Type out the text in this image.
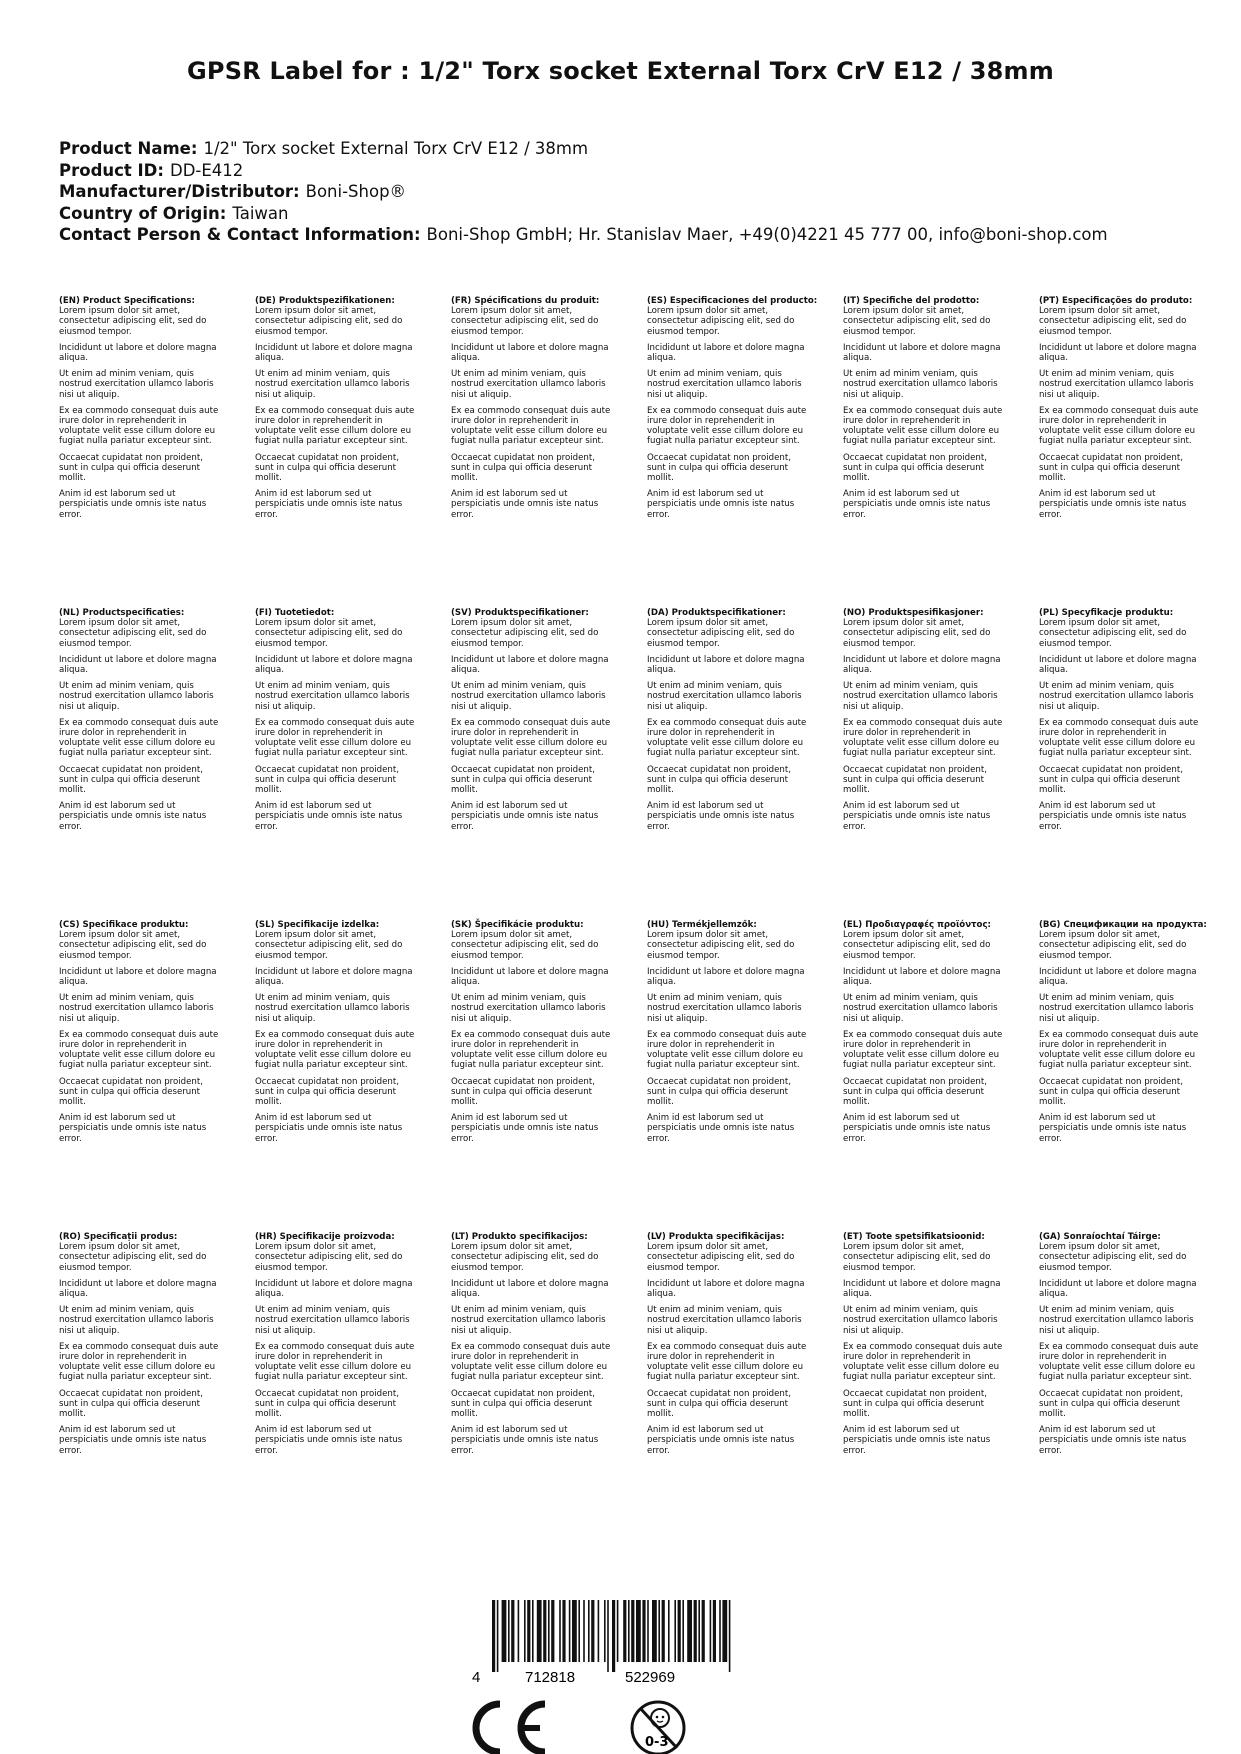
GPSR Label for : 1/2" Torx socket External Torx CrV E12 / 38mm
Product Name: 1/2" Torx socket External Torx CrV E12 / 38mm
Product ID: DD-E412
Manufacturer/Distributor: Boni-Shop®
Country of Origin: Taiwan
Contact Person & Contact Information: Boni-Shop GmbH; Hr. Stanislav Maer, +49(0)4221 45 777 00, info@boni-shop.com
(EN) Product Specifications:

Lorem ipsum dolor sit amet, consectetur adipiscing elit, sed do eiusmod tempor.

Incididunt ut labore et dolore magna aliqua.

Ut enim ad minim veniam, quis nostrud exercitation ullamco laboris nisi ut aliquip.

Ex ea commodo consequat duis aute irure dolor in reprehenderit in voluptate velit esse cillum dolore eu fugiat nulla pariatur excepteur sint.

Occaecat cupidatat non proident, sunt in culpa qui officia deserunt mollit.

Anim id est laborum sed ut perspiciatis unde omnis iste natus error.

(DE) Produktspezifikationen:

Lorem ipsum dolor sit amet, consectetur adipiscing elit, sed do eiusmod tempor.

Incididunt ut labore et dolore magna aliqua.

Ut enim ad minim veniam, quis nostrud exercitation ullamco laboris nisi ut aliquip.

Ex ea commodo consequat duis aute irure dolor in reprehenderit in voluptate velit esse cillum dolore eu fugiat nulla pariatur excepteur sint.

Occaecat cupidatat non proident, sunt in culpa qui officia deserunt mollit.

Anim id est laborum sed ut perspiciatis unde omnis iste natus error.

(FR) Spécifications du produit:

Lorem ipsum dolor sit amet, consectetur adipiscing elit, sed do eiusmod tempor.

Incididunt ut labore et dolore magna aliqua.

Ut enim ad minim veniam, quis nostrud exercitation ullamco laboris nisi ut aliquip.

Ex ea commodo consequat duis aute irure dolor in reprehenderit in voluptate velit esse cillum dolore eu fugiat nulla pariatur excepteur sint.

Occaecat cupidatat non proident, sunt in culpa qui officia deserunt mollit.

Anim id est laborum sed ut perspiciatis unde omnis iste natus error.

(ES) Especificaciones del producto:

Lorem ipsum dolor sit amet, consectetur adipiscing elit, sed do eiusmod tempor.

Incididunt ut labore et dolore magna aliqua.

Ut enim ad minim veniam, quis nostrud exercitation ullamco laboris nisi ut aliquip.

Ex ea commodo consequat duis aute irure dolor in reprehenderit in voluptate velit esse cillum dolore eu fugiat nulla pariatur excepteur sint.

Occaecat cupidatat non proident, sunt in culpa qui officia deserunt mollit.

Anim id est laborum sed ut perspiciatis unde omnis iste natus error.

(IT) Specifiche del prodotto:

Lorem ipsum dolor sit amet, consectetur adipiscing elit, sed do eiusmod tempor.

Incididunt ut labore et dolore magna aliqua.

Ut enim ad minim veniam, quis nostrud exercitation ullamco laboris nisi ut aliquip.

Ex ea commodo consequat duis aute irure dolor in reprehenderit in voluptate velit esse cillum dolore eu fugiat nulla pariatur excepteur sint.

Occaecat cupidatat non proident, sunt in culpa qui officia deserunt mollit.

Anim id est laborum sed ut perspiciatis unde omnis iste natus error.

(PT) Especificações do produto:

Lorem ipsum dolor sit amet, consectetur adipiscing elit, sed do eiusmod tempor.

Incididunt ut labore et dolore magna aliqua.

Ut enim ad minim veniam, quis nostrud exercitation ullamco laboris nisi ut aliquip.

Ex ea commodo consequat duis aute irure dolor in reprehenderit in voluptate velit esse cillum dolore eu fugiat nulla pariatur excepteur sint.

Occaecat cupidatat non proident, sunt in culpa qui officia deserunt mollit.

Anim id est laborum sed ut perspiciatis unde omnis iste natus error.

(NL) Productspecificaties:

Lorem ipsum dolor sit amet, consectetur adipiscing elit, sed do eiusmod tempor.

Incididunt ut labore et dolore magna aliqua.

Ut enim ad minim veniam, quis nostrud exercitation ullamco laboris nisi ut aliquip.

Ex ea commodo consequat duis aute irure dolor in reprehenderit in voluptate velit esse cillum dolore eu fugiat nulla pariatur excepteur sint.

Occaecat cupidatat non proident, sunt in culpa qui officia deserunt mollit.

Anim id est laborum sed ut perspiciatis unde omnis iste natus error.

(FI) Tuotetiedot:

Lorem ipsum dolor sit amet, consectetur adipiscing elit, sed do eiusmod tempor.

Incididunt ut labore et dolore magna aliqua.

Ut enim ad minim veniam, quis nostrud exercitation ullamco laboris nisi ut aliquip.

Ex ea commodo consequat duis aute irure dolor in reprehenderit in voluptate velit esse cillum dolore eu fugiat nulla pariatur excepteur sint.

Occaecat cupidatat non proident, sunt in culpa qui officia deserunt mollit.

Anim id est laborum sed ut perspiciatis unde omnis iste natus error.

(SV) Produktspecifikationer:

Lorem ipsum dolor sit amet, consectetur adipiscing elit, sed do eiusmod tempor.

Incididunt ut labore et dolore magna aliqua.

Ut enim ad minim veniam, quis nostrud exercitation ullamco laboris nisi ut aliquip.

Ex ea commodo consequat duis aute irure dolor in reprehenderit in voluptate velit esse cillum dolore eu fugiat nulla pariatur excepteur sint.

Occaecat cupidatat non proident, sunt in culpa qui officia deserunt mollit.

Anim id est laborum sed ut perspiciatis unde omnis iste natus error.

(DA) Produktspecifikationer:

Lorem ipsum dolor sit amet, consectetur adipiscing elit, sed do eiusmod tempor.

Incididunt ut labore et dolore magna aliqua.

Ut enim ad minim veniam, quis nostrud exercitation ullamco laboris nisi ut aliquip.

Ex ea commodo consequat duis aute irure dolor in reprehenderit in voluptate velit esse cillum dolore eu fugiat nulla pariatur excepteur sint.

Occaecat cupidatat non proident, sunt in culpa qui officia deserunt mollit.

Anim id est laborum sed ut perspiciatis unde omnis iste natus error.

(NO) Produktspesifikasjoner:

Lorem ipsum dolor sit amet, consectetur adipiscing elit, sed do eiusmod tempor.

Incididunt ut labore et dolore magna aliqua.

Ut enim ad minim veniam, quis nostrud exercitation ullamco laboris nisi ut aliquip.

Ex ea commodo consequat duis aute irure dolor in reprehenderit in voluptate velit esse cillum dolore eu fugiat nulla pariatur excepteur sint.

Occaecat cupidatat non proident, sunt in culpa qui officia deserunt mollit.

Anim id est laborum sed ut perspiciatis unde omnis iste natus error.

(PL) Specyfikacje produktu:

Lorem ipsum dolor sit amet, consectetur adipiscing elit, sed do eiusmod tempor.

Incididunt ut labore et dolore magna aliqua.

Ut enim ad minim veniam, quis nostrud exercitation ullamco laboris nisi ut aliquip.

Ex ea commodo consequat duis aute irure dolor in reprehenderit in voluptate velit esse cillum dolore eu fugiat nulla pariatur excepteur sint.

Occaecat cupidatat non proident, sunt in culpa qui officia deserunt mollit.

Anim id est laborum sed ut perspiciatis unde omnis iste natus error.

(CS) Specifikace produktu:

Lorem ipsum dolor sit amet, consectetur adipiscing elit, sed do eiusmod tempor.

Incididunt ut labore et dolore magna aliqua.

Ut enim ad minim veniam, quis nostrud exercitation ullamco laboris nisi ut aliquip.

Ex ea commodo consequat duis aute irure dolor in reprehenderit in voluptate velit esse cillum dolore eu fugiat nulla pariatur excepteur sint.

Occaecat cupidatat non proident, sunt in culpa qui officia deserunt mollit.

Anim id est laborum sed ut perspiciatis unde omnis iste natus error.

(SL) Specifikacije izdelka:

Lorem ipsum dolor sit amet, consectetur adipiscing elit, sed do eiusmod tempor.

Incididunt ut labore et dolore magna aliqua.

Ut enim ad minim veniam, quis nostrud exercitation ullamco laboris nisi ut aliquip.

Ex ea commodo consequat duis aute irure dolor in reprehenderit in voluptate velit esse cillum dolore eu fugiat nulla pariatur excepteur sint.

Occaecat cupidatat non proident, sunt in culpa qui officia deserunt mollit.

Anim id est laborum sed ut perspiciatis unde omnis iste natus error.

(SK) Špecifikácie produktu:

Lorem ipsum dolor sit amet, consectetur adipiscing elit, sed do eiusmod tempor.

Incididunt ut labore et dolore magna aliqua.

Ut enim ad minim veniam, quis nostrud exercitation ullamco laboris nisi ut aliquip.

Ex ea commodo consequat duis aute irure dolor in reprehenderit in voluptate velit esse cillum dolore eu fugiat nulla pariatur excepteur sint.

Occaecat cupidatat non proident, sunt in culpa qui officia deserunt mollit.

Anim id est laborum sed ut perspiciatis unde omnis iste natus error.

(HU) Termékjellemzők:

Lorem ipsum dolor sit amet, consectetur adipiscing elit, sed do eiusmod tempor.

Incididunt ut labore et dolore magna aliqua.

Ut enim ad minim veniam, quis nostrud exercitation ullamco laboris nisi ut aliquip.

Ex ea commodo consequat duis aute irure dolor in reprehenderit in voluptate velit esse cillum dolore eu fugiat nulla pariatur excepteur sint.

Occaecat cupidatat non proident, sunt in culpa qui officia deserunt mollit.

Anim id est laborum sed ut perspiciatis unde omnis iste natus error.

(EL) Προδιαγραφές προϊόντος:

Lorem ipsum dolor sit amet, consectetur adipiscing elit, sed do eiusmod tempor.

Incididunt ut labore et dolore magna aliqua.

Ut enim ad minim veniam, quis nostrud exercitation ullamco laboris nisi ut aliquip.

Ex ea commodo consequat duis aute irure dolor in reprehenderit in voluptate velit esse cillum dolore eu fugiat nulla pariatur excepteur sint.

Occaecat cupidatat non proident, sunt in culpa qui officia deserunt mollit.

Anim id est laborum sed ut perspiciatis unde omnis iste natus error.

(BG) Спецификации на продукта:

Lorem ipsum dolor sit amet, consectetur adipiscing elit, sed do eiusmod tempor.

Incididunt ut labore et dolore magna aliqua.

Ut enim ad minim veniam, quis nostrud exercitation ullamco laboris nisi ut aliquip.

Ex ea commodo consequat duis aute irure dolor in reprehenderit in voluptate velit esse cillum dolore eu fugiat nulla pariatur excepteur sint.

Occaecat cupidatat non proident, sunt in culpa qui officia deserunt mollit.

Anim id est laborum sed ut perspiciatis unde omnis iste natus error.

(RO) Specificații produs:

Lorem ipsum dolor sit amet, consectetur adipiscing elit, sed do eiusmod tempor.

Incididunt ut labore et dolore magna aliqua.

Ut enim ad minim veniam, quis nostrud exercitation ullamco laboris nisi ut aliquip.

Ex ea commodo consequat duis aute irure dolor in reprehenderit in voluptate velit esse cillum dolore eu fugiat nulla pariatur excepteur sint.

Occaecat cupidatat non proident, sunt in culpa qui officia deserunt mollit.

Anim id est laborum sed ut perspiciatis unde omnis iste natus error.

(HR) Specifikacije proizvoda:

Lorem ipsum dolor sit amet, consectetur adipiscing elit, sed do eiusmod tempor.

Incididunt ut labore et dolore magna aliqua.

Ut enim ad minim veniam, quis nostrud exercitation ullamco laboris nisi ut aliquip.

Ex ea commodo consequat duis aute irure dolor in reprehenderit in voluptate velit esse cillum dolore eu fugiat nulla pariatur excepteur sint.

Occaecat cupidatat non proident, sunt in culpa qui officia deserunt mollit.

Anim id est laborum sed ut perspiciatis unde omnis iste natus error.

(LT) Produkto specifikacijos:

Lorem ipsum dolor sit amet, consectetur adipiscing elit, sed do eiusmod tempor.

Incididunt ut labore et dolore magna aliqua.

Ut enim ad minim veniam, quis nostrud exercitation ullamco laboris nisi ut aliquip.

Ex ea commodo consequat duis aute irure dolor in reprehenderit in voluptate velit esse cillum dolore eu fugiat nulla pariatur excepteur sint.

Occaecat cupidatat non proident, sunt in culpa qui officia deserunt mollit.

Anim id est laborum sed ut perspiciatis unde omnis iste natus error.

(LV) Produkta specifikācijas:

Lorem ipsum dolor sit amet, consectetur adipiscing elit, sed do eiusmod tempor.

Incididunt ut labore et dolore magna aliqua.

Ut enim ad minim veniam, quis nostrud exercitation ullamco laboris nisi ut aliquip.

Ex ea commodo consequat duis aute irure dolor in reprehenderit in voluptate velit esse cillum dolore eu fugiat nulla pariatur excepteur sint.

Occaecat cupidatat non proident, sunt in culpa qui officia deserunt mollit.

Anim id est laborum sed ut perspiciatis unde omnis iste natus error.

(ET) Toote spetsifikatsioonid:

Lorem ipsum dolor sit amet, consectetur adipiscing elit, sed do eiusmod tempor.

Incididunt ut labore et dolore magna aliqua.

Ut enim ad minim veniam, quis nostrud exercitation ullamco laboris nisi ut aliquip.

Ex ea commodo consequat duis aute irure dolor in reprehenderit in voluptate velit esse cillum dolore eu fugiat nulla pariatur excepteur sint.

Occaecat cupidatat non proident, sunt in culpa qui officia deserunt mollit.

Anim id est laborum sed ut perspiciatis unde omnis iste natus error.

(GA) Sonraíochtaí Táirge:

Lorem ipsum dolor sit amet, consectetur adipiscing elit, sed do eiusmod tempor.

Incididunt ut labore et dolore magna aliqua.

Ut enim ad minim veniam, quis nostrud exercitation ullamco laboris nisi ut aliquip.

Ex ea commodo consequat duis aute irure dolor in reprehenderit in voluptate velit esse cillum dolore eu fugiat nulla pariatur excepteur sint.

Occaecat cupidatat non proident, sunt in culpa qui officia deserunt mollit.

Anim id est laborum sed ut perspiciatis unde omnis iste natus error.

4	712818	522969
0-3
